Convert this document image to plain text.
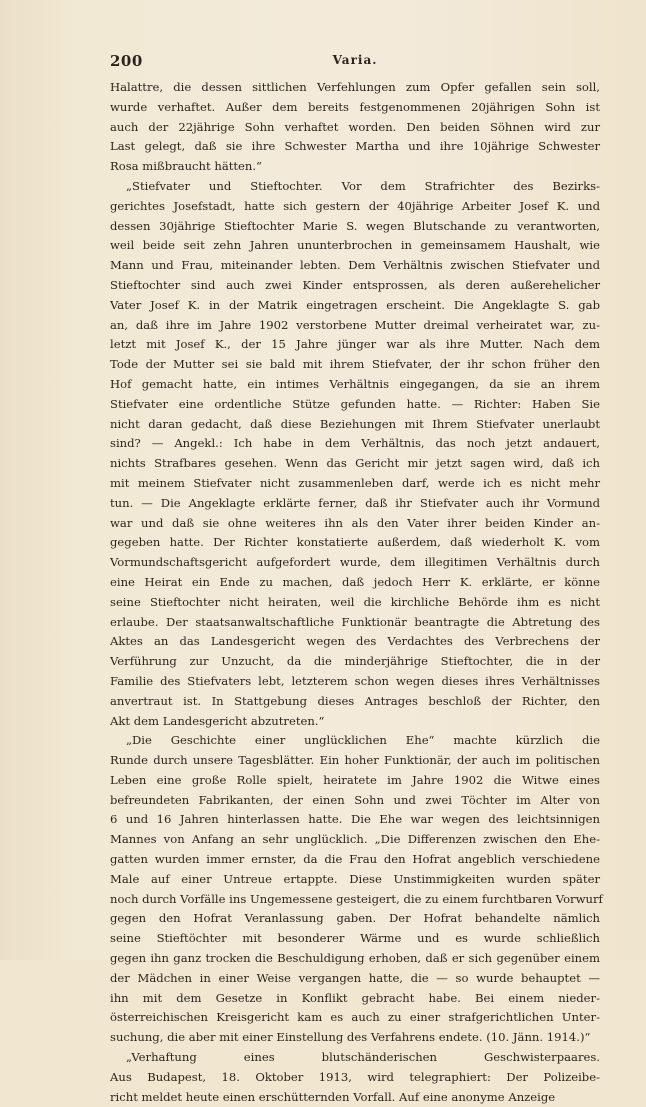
200	Varia.
Halattre, die dessen sittlichen Verfehlungen zum Opfer gefallen sein soll,
wurde verhaftet. Außer dem bereits festgenommenen 20jährigen Sohn ist
auch der 22jährige Sohn verhaftet worden. Den beiden Söhnen wird zur
Last gelegt, daß sie ihre Schwester Martha und ihre 10jährige Schwester
Rosa mißbraucht hätten.“
„Stiefvater und Stieftochter. Vor dem Strafrichter des Bezirks-
gerichtes Josefstadt, hatte sich gestern der 40jährige Arbeiter Josef K. und
dessen 30jährige Stieftochter Marie S. wegen Blutschande zu verantworten,
weil beide seit zehn Jahren ununterbrochen in gemeinsamem Haushalt, wie
Mann und Frau, miteinander lebten. Dem Verhältnis zwischen Stiefvater und
Stieftochter sind auch zwei Kinder entsprossen, als deren außerehelicher
Vater Josef K. in der Matrik eingetragen erscheint. Die Angeklagte S. gab
an, daß ihre im Jahre 1902 verstorbene Mutter dreimal verheiratet war, zu-
letzt mit Josef K., der 15 Jahre jünger war als ihre Mutter. Nach dem
Tode der Mutter sei sie bald mit ihrem Stiefvater, der ihr schon früher den
Hof gemacht hatte, ein intimes Verhältnis eingegangen, da sie an ihrem
Stiefvater eine ordentliche Stütze gefunden hatte. — Richter: Haben Sie
nicht daran gedacht, daß diese Beziehungen mit Ihrem Stiefvater unerlaubt
sind? — Angekl.: Ich habe in dem Verhältnis, das noch jetzt andauert,
nichts Strafbares gesehen. Wenn das Gericht mir jetzt sagen wird, daß ich
mit meinem Stiefvater nicht zusammenleben darf, werde ich es nicht mehr
tun. — Die Angeklagte erklärte ferner, daß ihr Stiefvater auch ihr Vormund
war und daß sie ohne weiteres ihn als den Vater ihrer beiden Kinder an-
gegeben hatte. Der Richter konstatierte außerdem, daß wiederholt K. vom
Vormundschaftsgericht aufgefordert wurde, dem illegitimen Verhältnis durch
eine Heirat ein Ende zu machen, daß jedoch Herr K. erklärte, er könne
seine Stieftochter nicht heiraten, weil die kirchliche Behörde ihm es nicht
erlaube. Der staatsanwaltschaftliche Funktionär beantragte die Abtretung des
Aktes an das Landesgericht wegen des Verdachtes des Verbrechens der
Verführung zur Unzucht, da die minderjährige Stieftochter, die in der
Familie des Stiefvaters lebt, letzterem schon wegen dieses ihres Verhältnisses
anvertraut ist. In Stattgebung dieses Antrages beschloß der Richter, den
Akt dem Landesgericht abzutreten.“
„Die Geschichte einer unglücklichen Ehe“ machte kürzlich die
Runde durch unsere Tagesblätter. Ein hoher Funktionär, der auch im politischen
Leben eine große Rolle spielt, heiratete im Jahre 1902 die Witwe eines
befreundeten Fabrikanten, der einen Sohn und zwei Töchter im Alter von
6 und 16 Jahren hinterlassen hatte. Die Ehe war wegen des leichtsinnigen
Mannes von Anfang an sehr unglücklich. „Die Differenzen zwischen den Ehe-
gatten wurden immer ernster, da die Frau den Hofrat angeblich verschiedene
Male auf einer Untreue ertappte. Diese Unstimmigkeiten wurden später
noch durch Vorfälle ins Ungemessene gesteigert, die zu einem furchtbaren Vorwurf
gegen den Hofrat Veranlassung gaben. Der Hofrat behandelte nämlich
seine Stieftöchter mit besonderer Wärme und es wurde schließlich
gegen ihn ganz trocken die Beschuldigung erhoben, daß er sich gegenüber einem
der Mädchen in einer Weise vergangen hatte, die — so wurde behauptet —
ihn mit dem Gesetze in Konflikt gebracht habe. Bei einem nieder-
österreichischen Kreisgericht kam es auch zu einer strafgerichtlichen Unter-
suchung, die aber mit einer Einstellung des Verfahrens endete. (10. Jänn. 1914.)“
„Verhaftung eines blutschänderischen Geschwisterpaares.
Aus Budapest, 18. Oktober 1913, wird telegraphiert: Der Polizeibe-
richt meldet heute einen erschütternden Vorfall. Auf eine anonyme Anzeige
